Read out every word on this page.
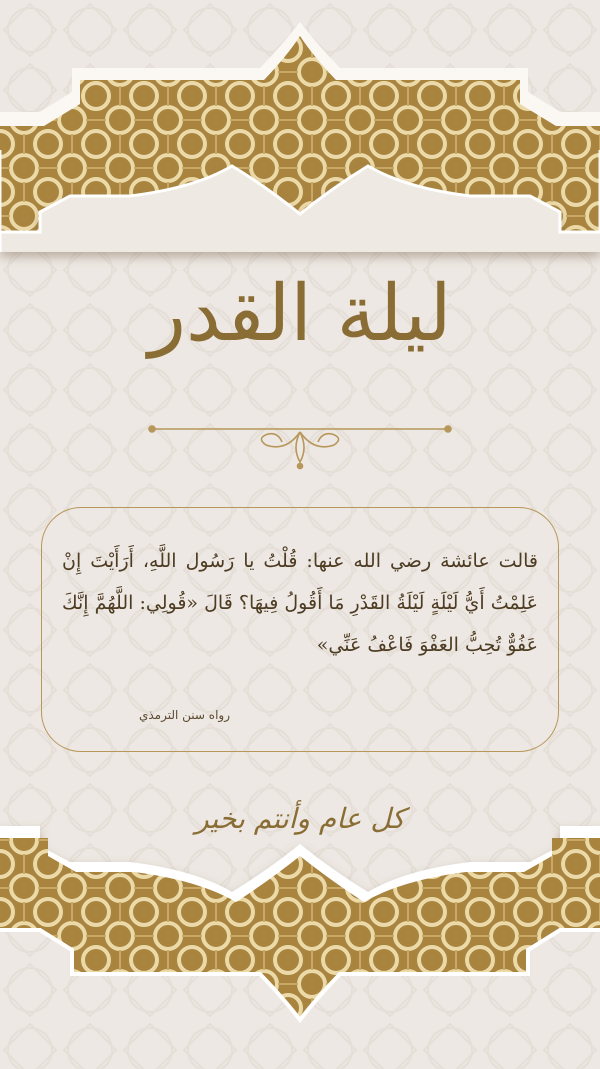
ليلة القدر
قالت عائشة رضي الله عنها: قُلْتُ يا رَسُول اللَّهِ، أَرَأَيْتَ إِنْ عَلِمْتُ أَيُّ لَيْلَةٍ لَيْلَةُ القَدْرِ مَا أَقُولُ فِيهَا؟ قَالَ «قُولِي: اللَّهُمَّ إِنَّكَ عَفُوٌّ تُحِبُّ العَفْوَ فَاعْفُ عَنِّي»
رواه سنن الترمذي
كل عام وأنتم بخير
